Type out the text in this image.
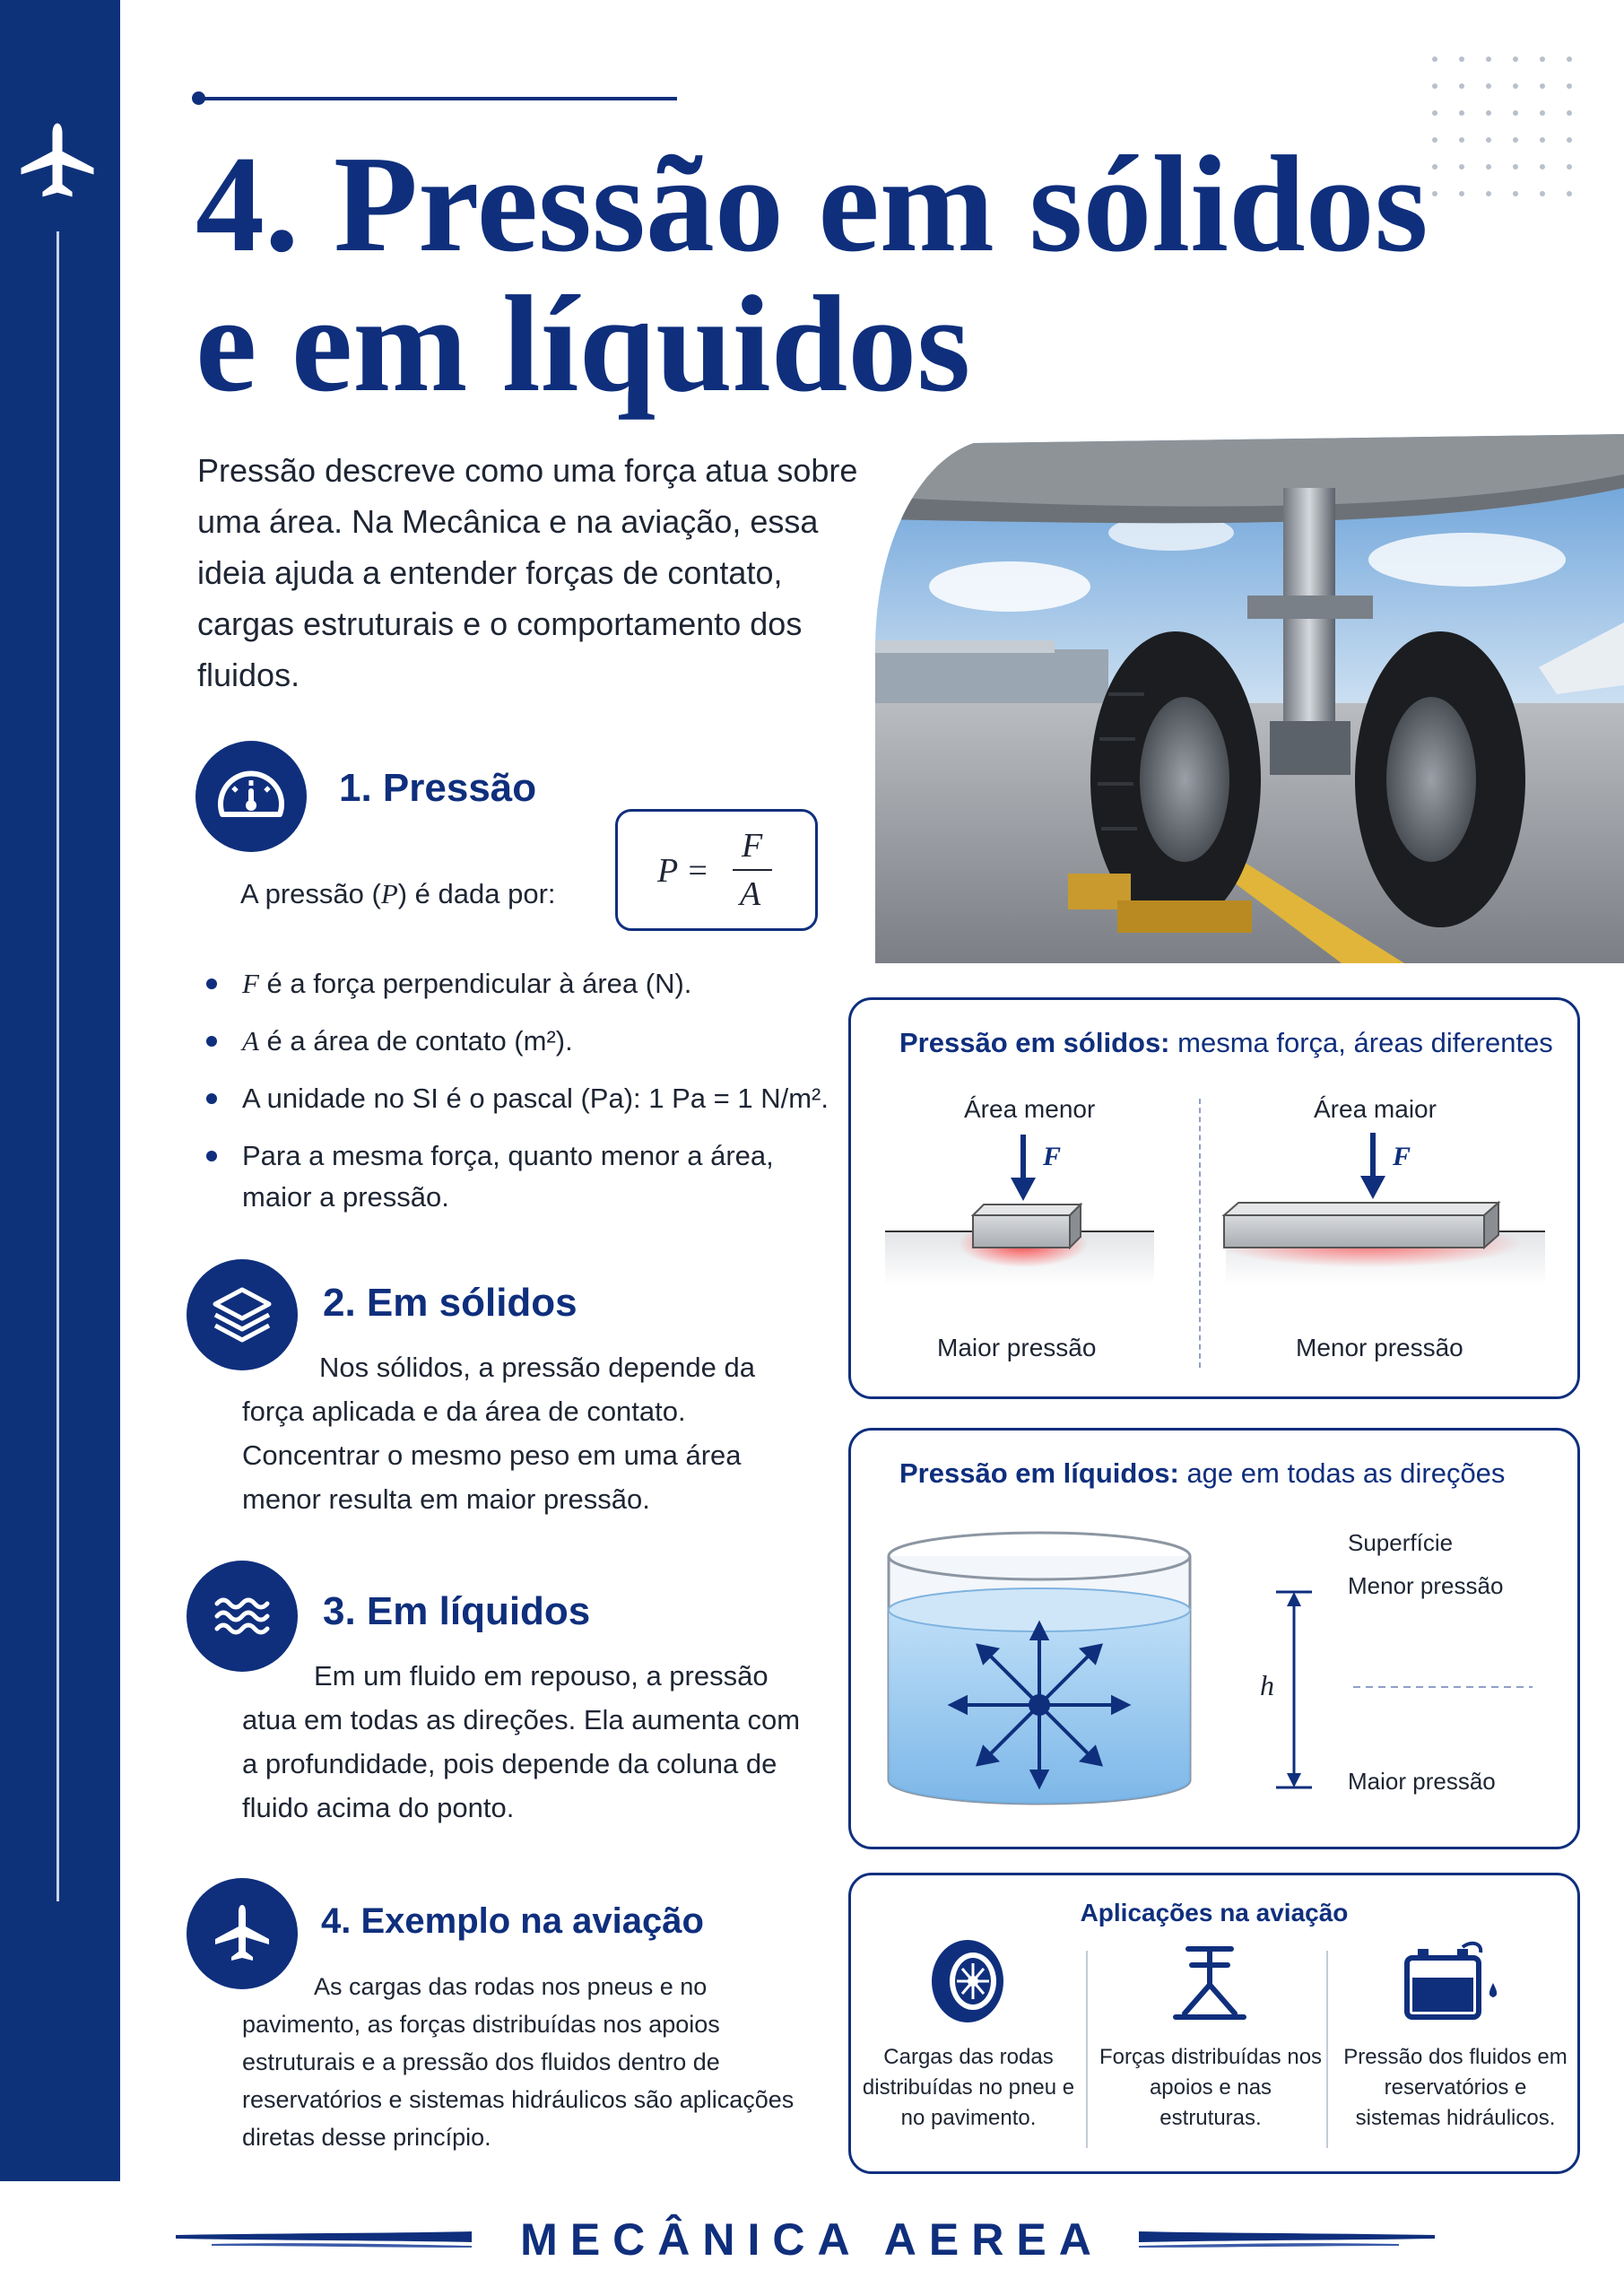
4. Pressão em sólidos e em líquidos

Pressão descreve como uma força atua sobre uma área. Na Mecânica e na aviação, essa ideia ajuda a entender forças de contato, cargas estruturais e o comportamento dos fluidos.

1. Pressão
A pressão (P) é dada por:
P =
F
A
F é a força perpendicular à área (N).
A é a área de contato (m²).
A unidade no SI é o pascal (Pa): 1 Pa = 1 N/m².
Para a mesma força, quanto menor a área, maior a pressão.
2. Em sólidos

Nos sólidos, a pressão depende da força aplicada e da área de contato. Concentrar o mesmo peso em uma área menor resulta em maior pressão.

3. Em líquidos

Em um fluido em repouso, a pressão atua em todas as direções. Ela aumenta com a profundidade, pois depende da coluna de fluido acima do ponto.

4. Exemplo na aviação

As cargas das rodas nos pneus e no pavimento, as forças distribuídas nos apoios estruturais e a pressão dos fluidos dentro de reservatórios e sistemas hidráulicos são aplicações diretas desse princípio.

Pressão em sólidos: mesma força, áreas diferentes
Área menor	Área maior
F	F
Maior pressão	Menor pressão
Pressão em líquidos: age em todas as direções
Superfície
Menor pressão
h
Maior pressão
Aplicações na aviação
Cargas das rodas distribuídas no pneu e no pavimento.
Forças distribuídas nos apoios e nas estruturas.
Pressão dos fluidos em reservatórios e sistemas hidráulicos.
MECÂNICA AEREA
